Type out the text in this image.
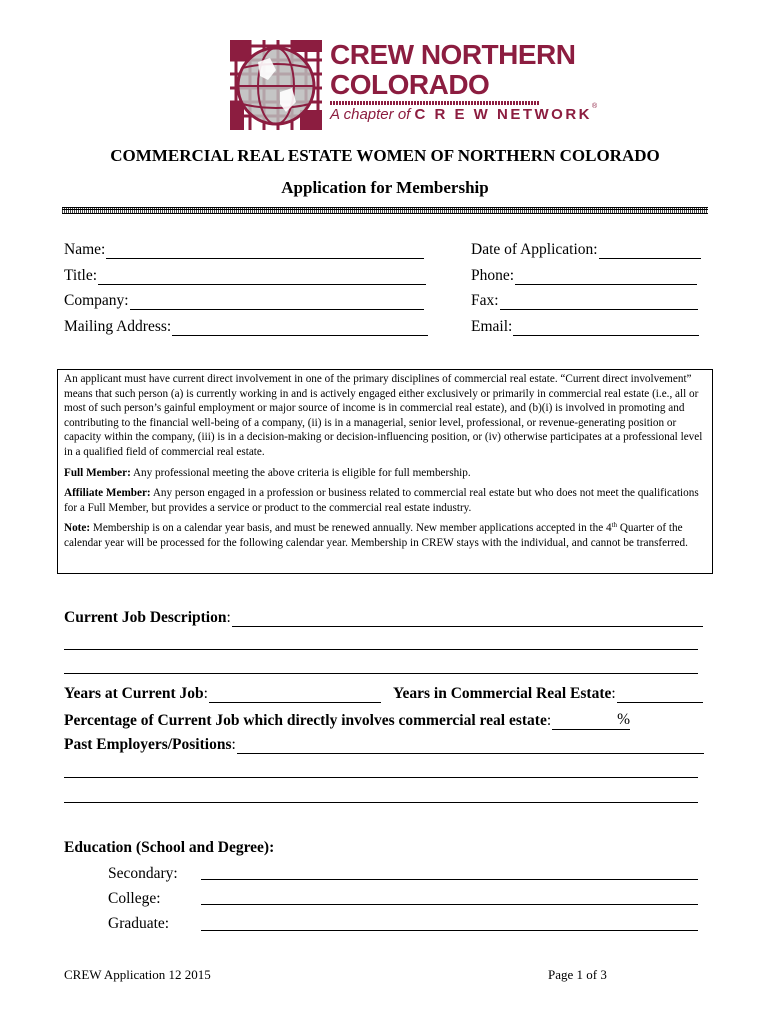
CREW NORTHERN
COLORADO
A chapter of C R E W NETWORK®
COMMERCIAL REAL ESTATE WOMEN OF NORTHERN COLORADO
Application for Membership
Name:
Title:
Company:
Mailing Address:
Date of Application:
Phone:
Fax:
Email:

An applicant must have current direct involvement in one of the primary disciplines of commercial real estate. “Current direct involvement” means that such person (a) is currently working in and is actively engaged either exclusively or primarily in commercial real estate (i.e., all or most of such person’s gainful employment or major source of income is in commercial real estate), and (b)(i) is involved in promoting and contributing to the financial well-being of a company, (ii) is in a managerial, senior level, professional, or revenue-generating position or capacity within the company, (iii) is in a decision-making or decision-influencing position, or (iv) otherwise participates at a professional level in a qualified field of commercial real estate.

Full Member: Any professional meeting the above criteria is eligible for full membership.

Affiliate Member: Any person engaged in a profession or business related to commercial real estate but who does not meet the qualifications for a Full Member, but provides a service or product to the commercial real estate industry.

Note: Membership is on a calendar year basis, and must be renewed annually. New member applications accepted in the 4th Quarter of the calendar year will be processed for the following calendar year. Membership in CREW stays with the individual, and cannot be transferred.

Current Job Description :
Years at Current Job :	Years in Commercial Real Estate :
Percentage of Current Job which directly involves commercial real estate :	%
Past Employers/Positions :
Education (School and Degree):
Secondary:
College:
Graduate:
CREW Application 12 2015	Page 1 of 3
